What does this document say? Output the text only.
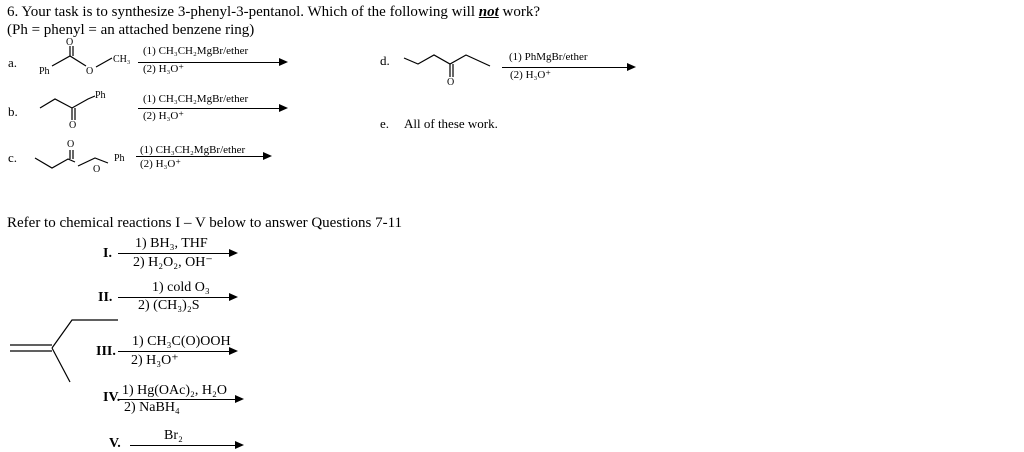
6. Your task is to synthesize 3-phenyl-3-pentanol. Which of the following will not work?
(Ph = phenyl = an attached benzene ring)
a.
Ph
O
O
CH₃
(1) CH₃CH₂MgBr/ether
(2) H₃O⁺
b.
Ph
O
(1) CH₃CH₂MgBr/ether
(2) H₃O⁺
c.
O
O
Ph
(1) CH₃CH₂MgBr/ether
(2) H₃O⁺
d.
O
(1) PhMgBr/ether
(2) H₃O⁺
e. All of these work.
Refer to chemical reactions I – V below to answer Questions 7-11
I.
1) BH₃, THF
2) H₂O₂, OH⁻
II.
1) cold O₃
2) (CH₃)₂S
III.
1) CH₃C(O)OOH
2) H₃O⁺
IV. 1) Hg(OAc)₂, H₂O
2) NaBH₄
V.
Br₂
